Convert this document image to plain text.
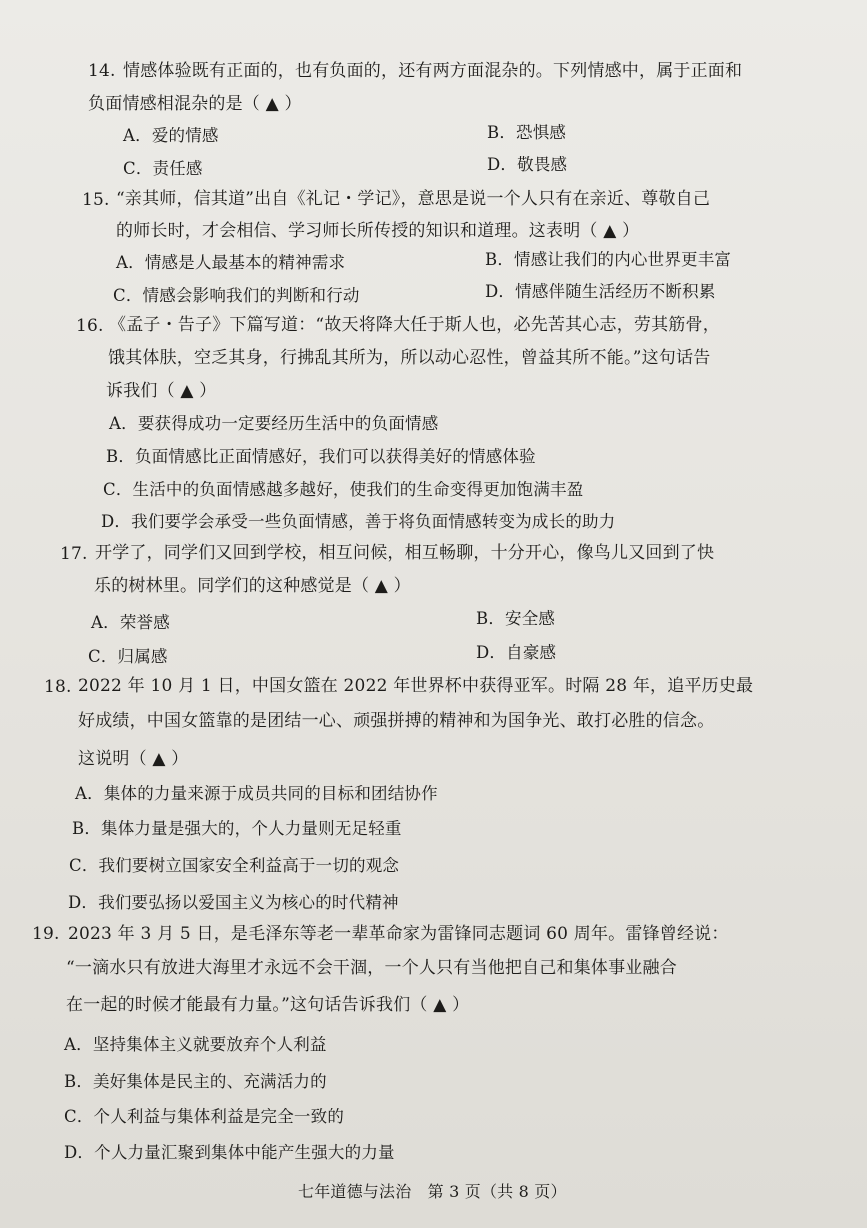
14. 情感体验既有正面的，也有负面的，还有两方面混杂的。下列情感中，属于正面和
负面情感相混杂的是（ ▲ ）
A．爱的情感	B．恐惧感
C．责任感	D．敬畏感
15. “亲其师，信其道”出自《礼记・学记》，意思是说一个人只有在亲近、尊敬自己
的师长时，才会相信、学习师长所传授的知识和道理。这表明（ ▲ ）
A．情感是人最基本的精神需求	B．情感让我们的内心世界更丰富
C．情感会影响我们的判断和行动	D．情感伴随生活经历不断积累
16. 《孟子・告子》下篇写道：“故天将降大任于斯人也，必先苦其心志，劳其筋骨，
饿其体肤，空乏其身，行拂乱其所为，所以动心忍性，曾益其所不能。”这句话告
诉我们（ ▲ ）
A．要获得成功一定要经历生活中的负面情感
B．负面情感比正面情感好，我们可以获得美好的情感体验
C．生活中的负面情感越多越好，使我们的生命变得更加饱满丰盈
D．我们要学会承受一些负面情感，善于将负面情感转变为成长的助力
17. 开学了，同学们又回到学校，相互问候，相互畅聊，十分开心，像鸟儿又回到了快
乐的树林里。同学们的这种感觉是（ ▲ ）
A．荣誉感	B．安全感
C．归属感	D．自豪感
18. 2022 年 10 月 1 日，中国女篮在 2022 年世界杯中获得亚军。时隔 28 年，追平历史最
好成绩，中国女篮靠的是团结一心、顽强拼搏的精神和为国争光、敢打必胜的信念。
这说明（ ▲ ）
A．集体的力量来源于成员共同的目标和团结协作
B．集体力量是强大的，个人力量则无足轻重
C．我们要树立国家安全利益高于一切的观念
D．我们要弘扬以爱国主义为核心的时代精神
19. 2023 年 3 月 5 日，是毛泽东等老一辈革命家为雷锋同志题词 60 周年。雷锋曾经说：
“一滴水只有放进大海里才永远不会干涸，一个人只有当他把自己和集体事业融合
在一起的时候才能最有力量。”这句话告诉我们（ ▲ ）
A．坚持集体主义就要放弃个人利益
B．美好集体是民主的、充满活力的
C．个人利益与集体利益是完全一致的
D．个人力量汇聚到集体中能产生强大的力量
七年道德与法治　第 3 页（共 8 页）
